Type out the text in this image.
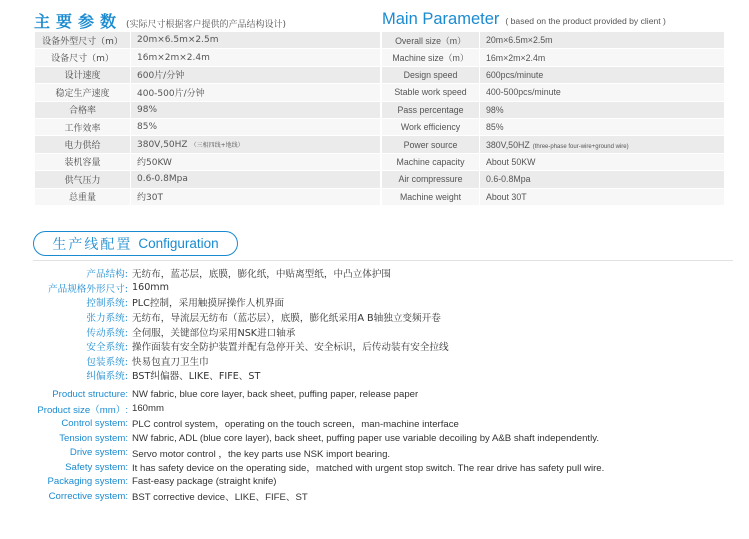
主要参数 (实际尺寸根据客户提供的产品结构设计)	Main Parameter ( based on the product provided by client )
设备外型尺寸（m）	20m×6.5m×2.5m
设备尺寸（m）	16m×2m×2.4m
设计速度	600片/分钟
稳定生产速度	400-500片/分钟
合格率	98%
工作效率	85%
电力供给	380V,50HZ （三相四线+地线）
装机容量	约50KW
供气压力	0.6-0.8Mpa
总重量	约30T
Overall size（m）	20m×6.5m×2.5m
Machine size（m）	16m×2m×2.4m
Design speed	600pcs/minute
Stable work speed	400-500pcs/minute
Pass percentage	98%
Work efficiency	85%
Power source	380V,50HZ (three-phase four-wire+ground wire)
Machine capacity	About 50KW
Air compressure	0.6-0.8Mpa
Machine weight	About 30T
生产线配置 Configuration
产品结构: 无纺布，蓝芯层，底膜，膨化纸，中贴离型纸，中凸立体护围
产品规格外形尺寸: 160mm
控制系统: PLC控制，采用触摸屏操作人机界面
张力系统: 无纺布，导流层无纺布（蓝芯层），底膜，膨化纸采用A B轴独立变频开卷
传动系统: 全伺服，关键部位均采用NSK进口轴承
安全系统: 操作面装有安全防护装置并配有急停开关、安全标识，后传动装有安全拉线
包装系统: 快易包直刀卫生巾
纠偏系统: BST纠偏器、LIKE、FIFE、ST
Product structure: NW fabric, blue core layer, back sheet, puffing paper, release paper
Product size（mm）: 160mm
Control system: PLC control system，operating on the touch screen，man-machine interface
Tension system: NW fabric, ADL (blue core layer), back sheet, puffing paper use variable decoiling by A&B shaft independently.
Drive system: Servo motor control ，the key parts use NSK import bearing.
Safety system: It has safety device on the operating side，matched with urgent stop switch. The rear drive has safety pull wire.
Packaging system: Fast-easy package (straight knife)
Corrective system: BST corrective device、LIKE、FIFE、ST
